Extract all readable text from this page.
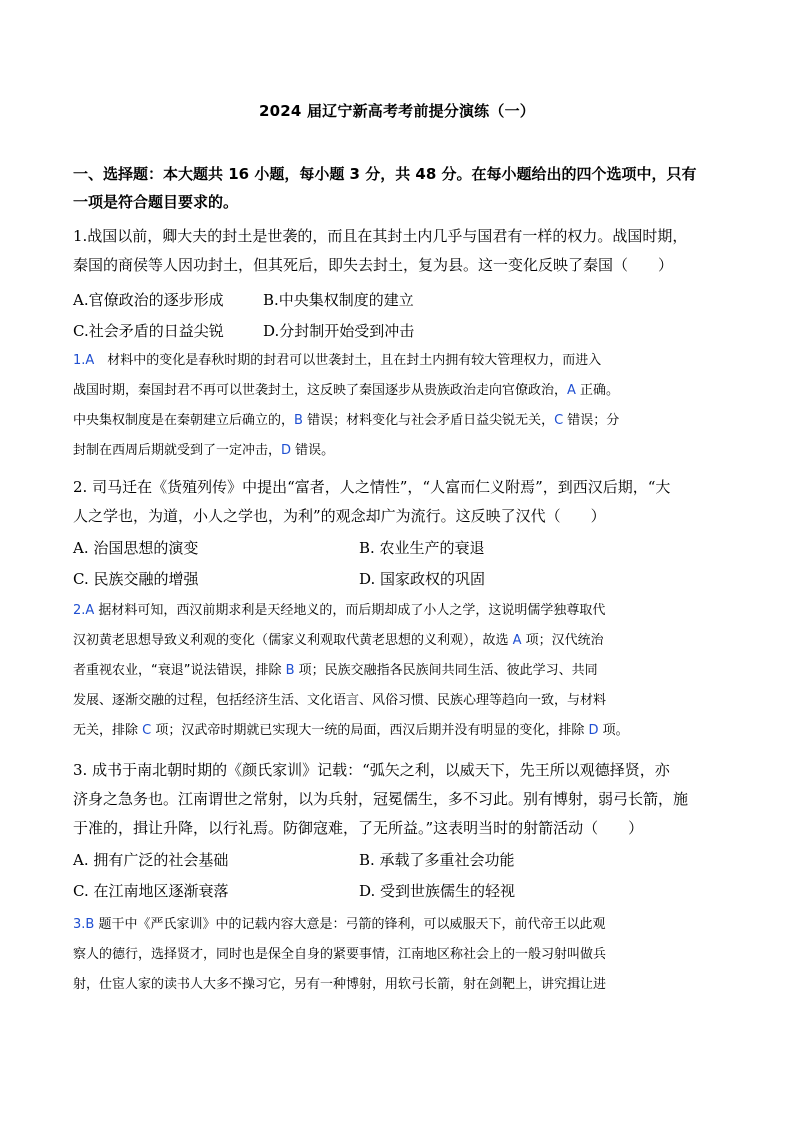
2024 届辽宁新高考考前提分演练（一）
一、选择题：本大题共 16 小题，每小题 3 分，共 48 分。在每小题给出的四个选项中，只有
一项是符合题目要求的。
1.战国以前，卿大夫的封土是世袭的，而且在其封土内几乎与国君有一样的权力。战国时期，
秦国的商侯等人因功封土，但其死后，即失去封土，复为县。这一变化反映了秦国（　　）
A.官僚政治的逐步形成	B.中央集权制度的建立
C.社会矛盾的日益尖锐	D.分封制开始受到冲击
1.A　材料中的变化是春秋时期的封君可以世袭封土，且在封土内拥有较大管理权力，而进入
战国时期，秦国封君不再可以世袭封土，这反映了秦国逐步从贵族政治走向官僚政治，A 正确。
中央集权制度是在秦朝建立后确立的，B 错误；材料变化与社会矛盾日益尖锐无关，C 错误；分
封制在西周后期就受到了一定冲击，D 错误。
2. 司马迁在《货殖列传》中提出“富者，人之情性”，“人富而仁义附焉”，到西汉后期，“大
人之学也，为道，小人之学也，为利”的观念却广为流行。这反映了汉代（　　）
A. 治国思想的演变	B. 农业生产的衰退
C. 民族交融的增强	D. 国家政权的巩固
2.A 据材料可知，西汉前期求利是天经地义的，而后期却成了小人之学，这说明儒学独尊取代
汉初黄老思想导致义利观的变化（儒家义利观取代黄老思想的义利观），故选 A 项；汉代统治
者重视农业，“衰退”说法错误，排除 B 项；民族交融指各民族间共同生活、彼此学习、共同
发展、逐渐交融的过程，包括经济生活、文化语言、风俗习惯、民族心理等趋向一致，与材料
无关，排除 C 项；汉武帝时期就已实现大一统的局面，西汉后期并没有明显的变化，排除 D 项。
3. 成书于南北朝时期的《颜氏家训》记载：“弧矢之利，以威天下，先王所以观德择贤，亦
济身之急务也。江南谓世之常射，以为兵射，冠冕儒生，多不习此。别有博射，弱弓长箭，施
于准的，揖让升降，以行礼焉。防御寇难，了无所益。”这表明当时的射箭活动（　　）
A. 拥有广泛的社会基础	B. 承载了多重社会功能
C. 在江南地区逐渐衰落	D. 受到世族儒生的轻视
3.B 题干中《严氏家训》中的记载内容大意是：弓箭的锋利，可以威服天下，前代帝王以此观
察人的德行，选择贤才，同时也是保全自身的紧要事情，江南地区称社会上的一般习射叫做兵
射，仕宦人家的读书人大多不操习它，另有一种博射，用软弓长箭，射在剑靶上，讲究揖让进
